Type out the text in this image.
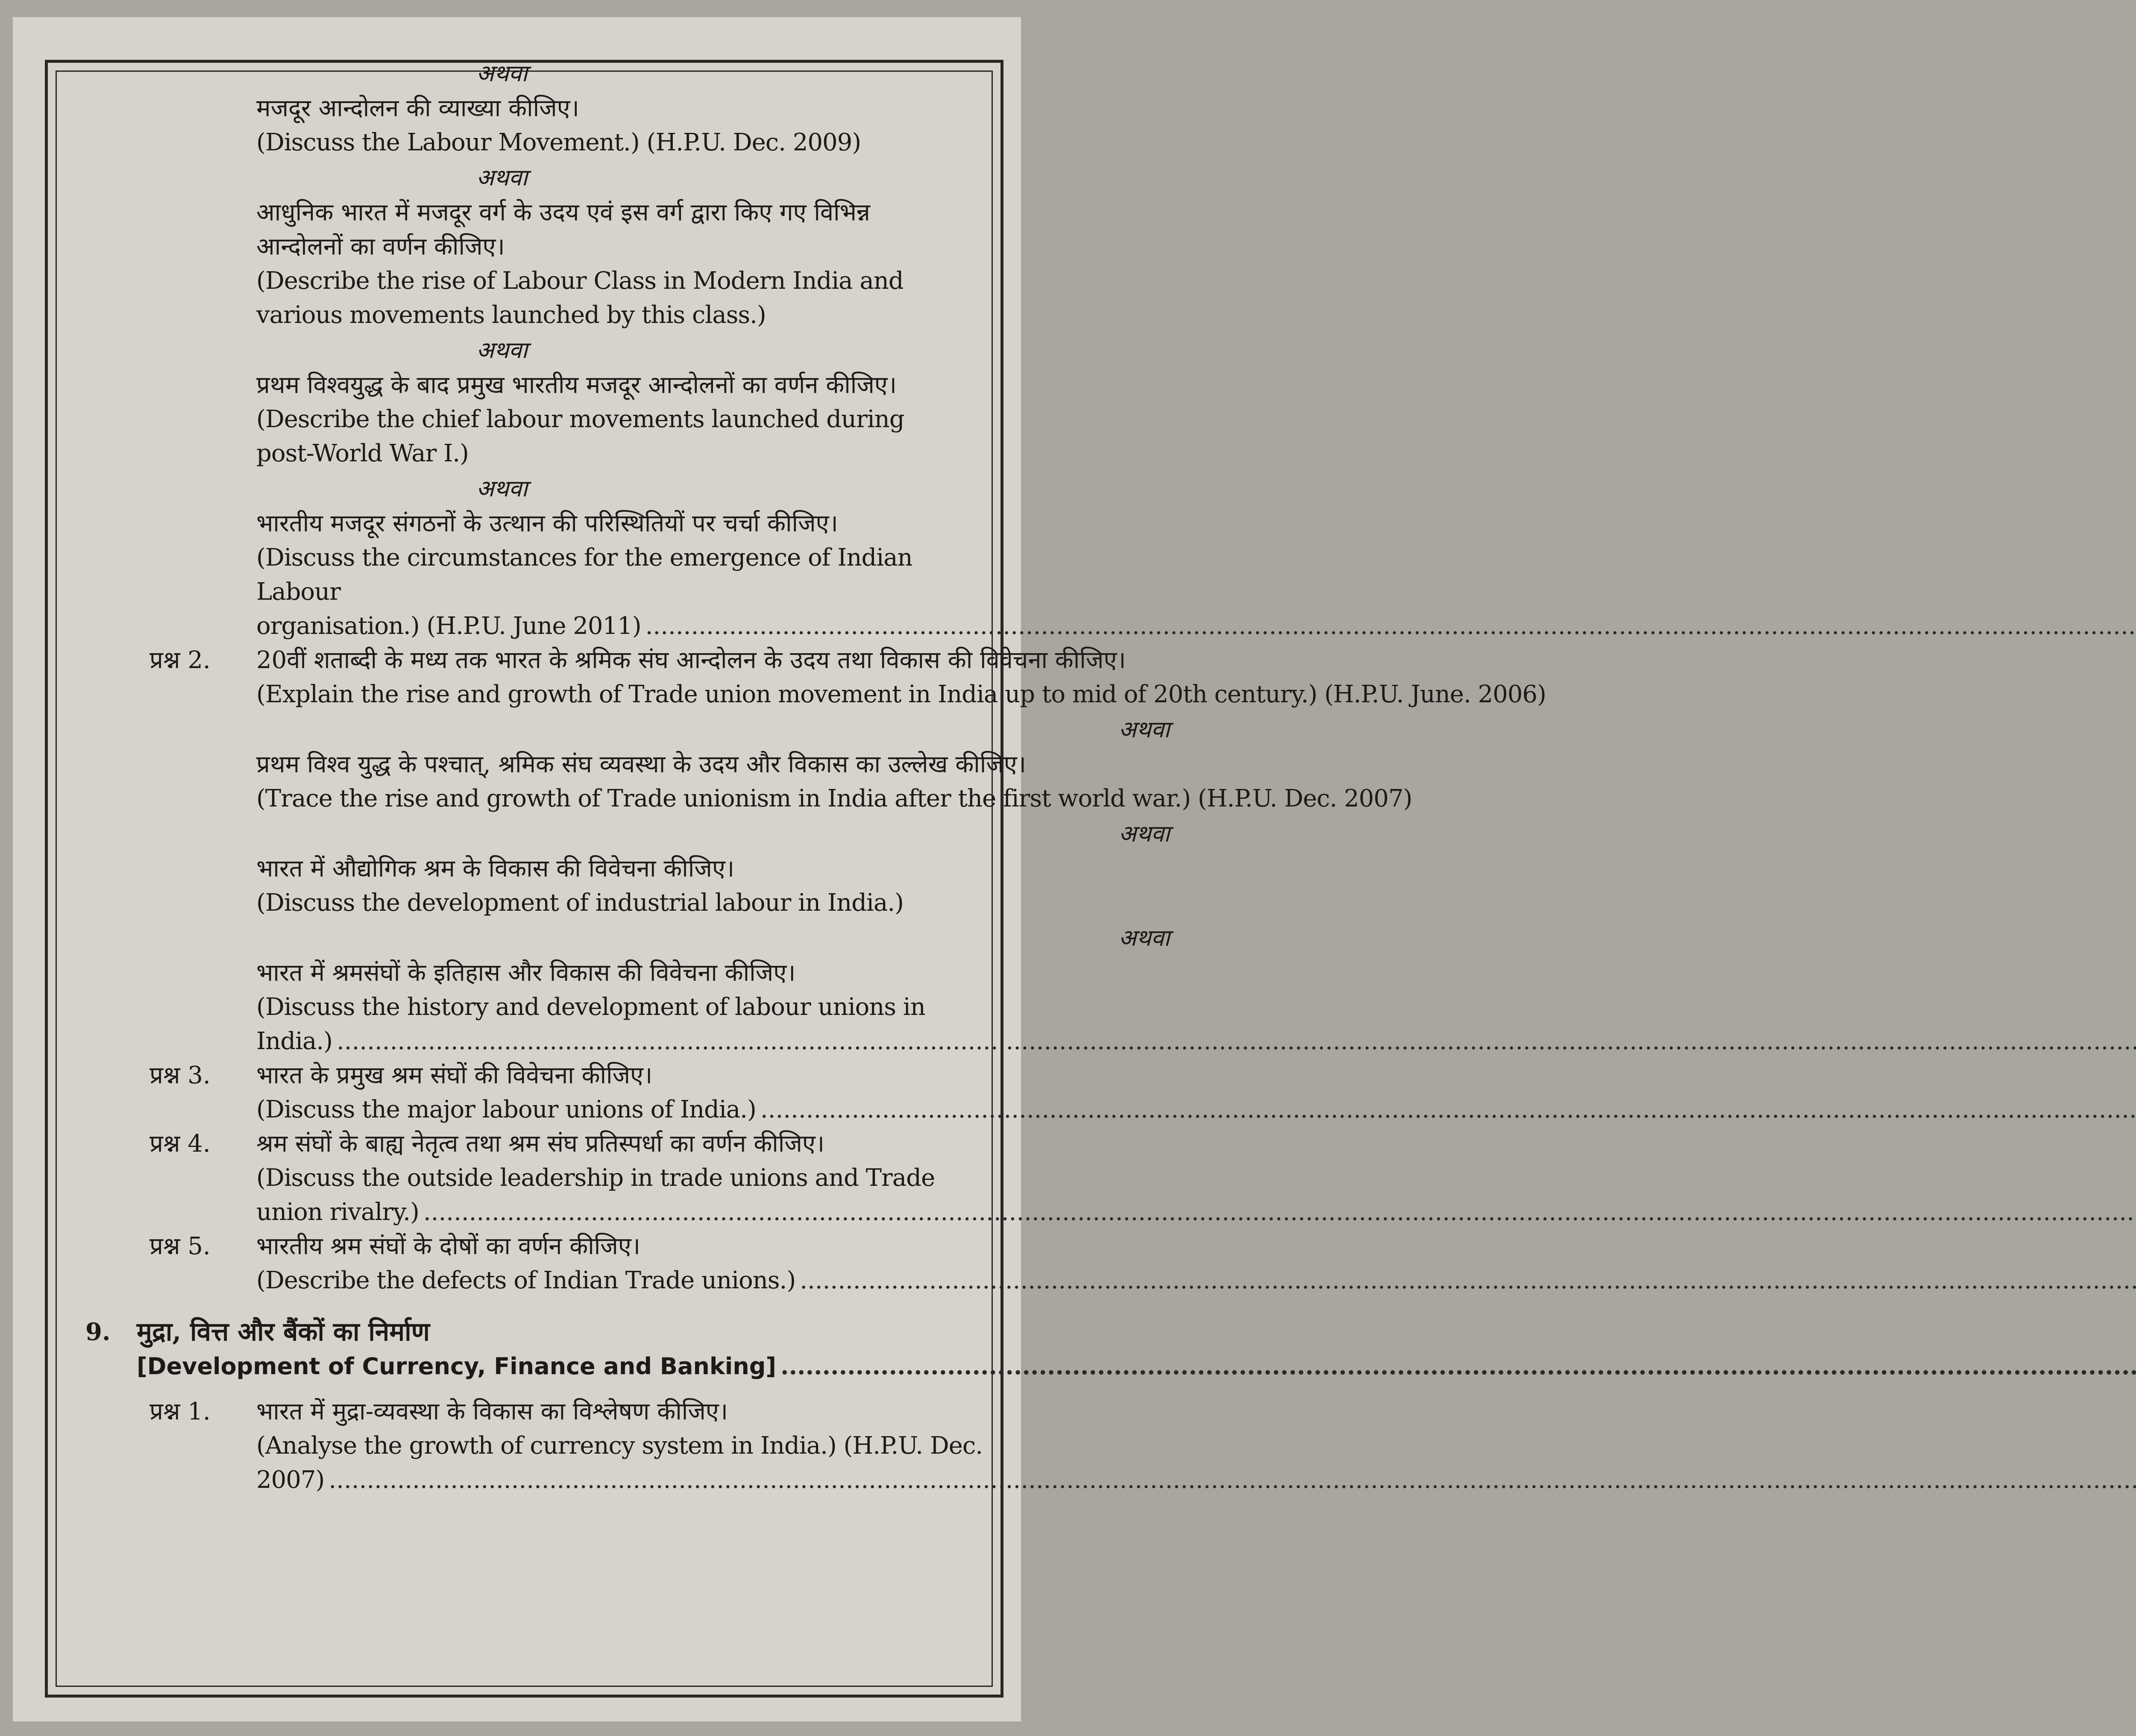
अथवा

मजदूर आन्दोलन की व्याख्या कीजिए।

(Discuss the Labour Movement.) (H.P.U. Dec. 2009)

अथवा

आधुनिक भारत में मजदूर वर्ग के उदय एवं इस वर्ग द्वारा किए गए विभिन्न आन्दोलनों का वर्णन कीजिए।

(Describe the rise of Labour Class in Modern India and various movements launched by this class.)

अथवा

प्रथम विश्वयुद्ध के बाद प्रमुख भारतीय मजदूर आन्दोलनों का वर्णन कीजिए।

(Describe the chief labour movements launched during post-World War I.)

अथवा

भारतीय मजदूर संगठनों के उत्थान की परिस्थितियों पर चर्चा कीजिए।

(Discuss the circumstances for the emergence of Indian Labour

organisation.) (H.P.U. June 2011)
.....
प्रश्न 2.	20वीं शताब्दी के मध्य तक भारत के श्रमिक संघ आन्दोलन के उदय तथा विकास की विवेचना कीजिए।

(Explain the rise and growth of Trade union movement in India up to mid of 20th century.) (H.P.U. June. 2006)

अथवा

प्रथम विश्व युद्ध के पश्चात्, श्रमिक संघ व्यवस्था के उदय और विकास का उल्लेख कीजिए।

(Trace the rise and growth of Trade unionism in India after the first world war.) (H.P.U. Dec. 2007)

अथवा

भारत में औद्योगिक श्रम के विकास की विवेचना कीजिए।

(Discuss the development of industrial labour in India.)

अथवा

भारत में श्रमसंघों के इतिहास और विकास की विवेचना कीजिए।

(Discuss the history and development of labour unions in

India.)
.....
प्रश्न 3.	भारत के प्रमुख श्रम संघों की विवेचना कीजिए।

(Discuss the major labour unions of India.)
.....
प्रश्न 4.	श्रम संघों के बाह्य नेतृत्व तथा श्रम संघ प्रतिस्पर्धा का वर्णन कीजिए।

(Discuss the outside leadership in trade unions and Trade

union rivalry.)
.....
प्रश्न 5.	भारतीय श्रम संघों के दोषों का वर्णन कीजिए।

(Describe the defects of Indian Trade unions.)
.....
9.	मुद्रा, वित्त और बैंकों का निर्माण
[Development of Currency, Finance and Banking]
.....
प्रश्न 1.	भारत में मुद्रा-व्यवस्था के विकास का विश्लेषण कीजिए।

(Analyse the growth of currency system in India.) (H.P.U. Dec.

2007)
.....
